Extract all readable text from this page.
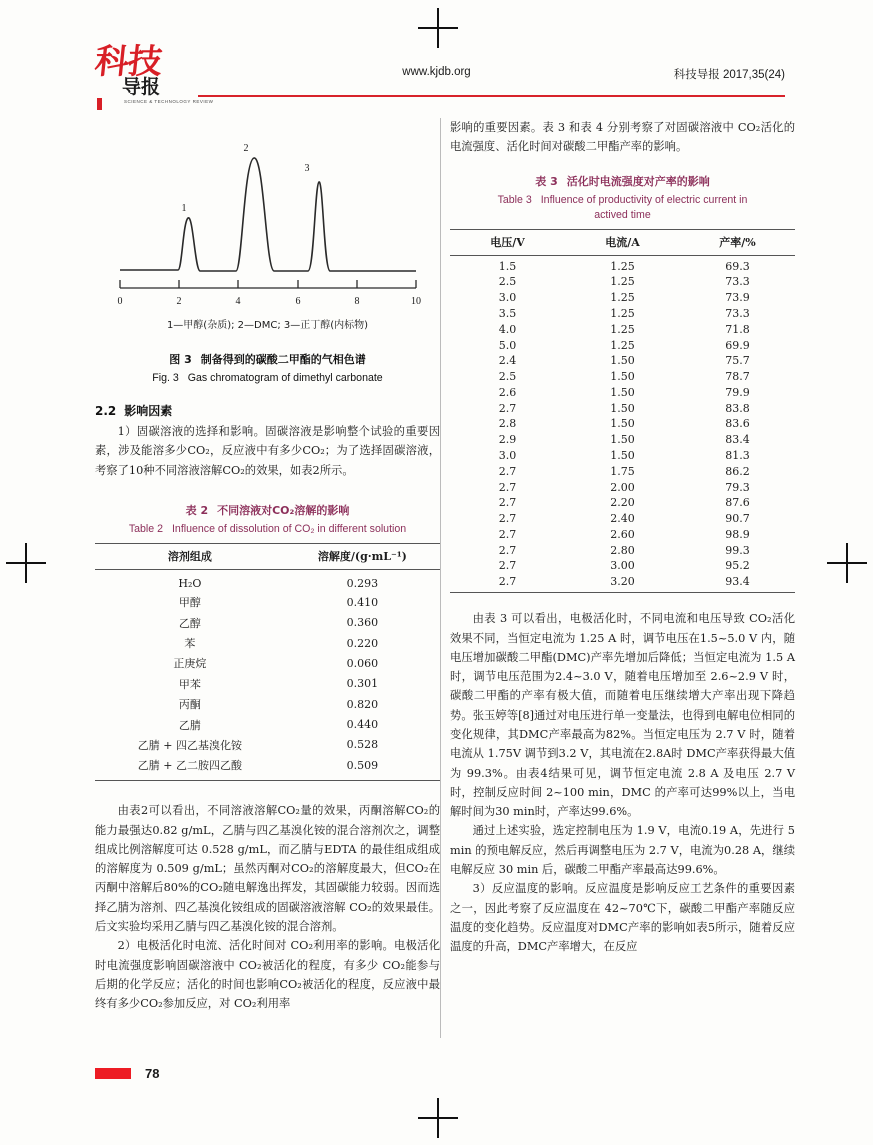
科技
导报
SCIENCE & TECHNOLOGY REVIEW
www.kjdb.org	科技导报 2017,35(24)
1
2
3
0	2	4	6	8	10
1—甲醇(杂质); 2—DMC; 3—正丁醇(内标物)
图 3 制备得到的碳酸二甲酯的气相色谱
Fig. 3 Gas chromatogram of dimethyl carbonate
2.2 影响因素

1）固碳溶液的选择和影响。固碳溶液是影响整个试验的重要因素，涉及能溶多少CO₂，反应液中有多少CO₂；为了选择固碳溶液，考察了10种不同溶液溶解CO₂的效果，如表2所示。

表 2 不同溶液对CO₂溶解的影响
Table 2 Influence of dissolution of CO₂ in different solution
溶剂组成	溶解度/(g·mL⁻¹)
H₂O	0.293
甲醇	0.410
乙醇	0.360
苯	0.220
正庚烷	0.060
甲苯	0.301
丙酮	0.820
乙腈	0.440
乙腈 + 四乙基溴化铵	0.528
乙腈 + 乙二胺四乙酸	0.509

由表2可以看出，不同溶液溶解CO₂量的效果，丙酮溶解CO₂的能力最强达0.82 g/mL，乙腈与四乙基溴化铵的混合溶剂次之，调整组成比例溶解度可达 0.528 g/mL，而乙腈与EDTA 的最佳组成组成的溶解度为 0.509 g/mL；虽然丙酮对CO₂的溶解度最大，但CO₂在丙酮中溶解后80%的CO₂随电解逸出挥发，其固碳能力较弱。因而选择乙腈为溶剂、四乙基溴化铵组成的固碳溶液溶解 CO₂的效果最佳。后文实验均采用乙腈与四乙基溴化铵的混合溶剂。

2）电极活化时电流、活化时间对 CO₂利用率的影响。电极活化时电流强度影响固碳溶液中 CO₂被活化的程度，有多少 CO₂能参与后期的化学反应；活化的时间也影响CO₂被活化的程度，反应液中最终有多少CO₂参加反应，对 CO₂利用率

影响的重要因素。表 3 和表 4 分别考察了对固碳溶液中 CO₂活化的电流强度、活化时间对碳酸二甲酯产率的影响。

表 3 活化时电流强度对产率的影响
Table 3 Influence of productivity of electric current in
actived time
电压/V	电流/A	产率/%
1.5	1.25	69.3
2.5	1.25	73.3
3.0	1.25	73.9
3.5	1.25	73.3
4.0	1.25	71.8
5.0	1.25	69.9
2.4	1.50	75.7
2.5	1.50	78.7
2.6	1.50	79.9
2.7	1.50	83.8
2.8	1.50	83.6
2.9	1.50	83.4
3.0	1.50	81.3
2.7	1.75	86.2
2.7	2.00	79.3
2.7	2.20	87.6
2.7	2.40	90.7
2.7	2.60	98.9
2.7	2.80	99.3
2.7	3.00	95.2
2.7	3.20	93.4

由表 3 可以看出，电极活化时，不同电流和电压导致 CO₂活化效果不同，当恒定电流为 1.25 A 时，调节电压在1.5~5.0 V 内，随电压增加碳酸二甲酯(DMC)产率先增加后降低；当恒定电流为 1.5 A 时，调节电压范围为2.4~3.0 V，随着电压增加至 2.6~2.9 V 时，碳酸二甲酯的产率有极大值，而随着电压继续增大产率出现下降趋势。张玉婷等[8]通过对电压进行单一变量法，也得到电解电位相同的变化规律，其DMC产率最高为82%。当恒定电压为 2.7 V 时，随着电流从 1.75V 调节到3.2 V，其电流在2.8A时 DMC产率获得最大值为 99.3%。由表4结果可见，调节恒定电流 2.8 A 及电压 2.7 V 时，控制反应时间 2~100 min，DMC 的产率可达99%以上，当电解时间为30 min时，产率达99.6%。

通过上述实验，选定控制电压为 1.9 V，电流0.19 A，先进行 5 min 的预电解反应，然后再调整电压为 2.7 V，电流为0.28 A，继续电解反应 30 min 后，碳酸二甲酯产率最高达99.6%。

3）反应温度的影响。反应温度是影响反应工艺条件的重要因素之一，因此考察了反应温度在 42~70℃下，碳酸二甲酯产率随反应温度的变化趋势。反应温度对DMC产率的影响如表5所示，随着反应温度的升高，DMC产率增大，在反应

78
